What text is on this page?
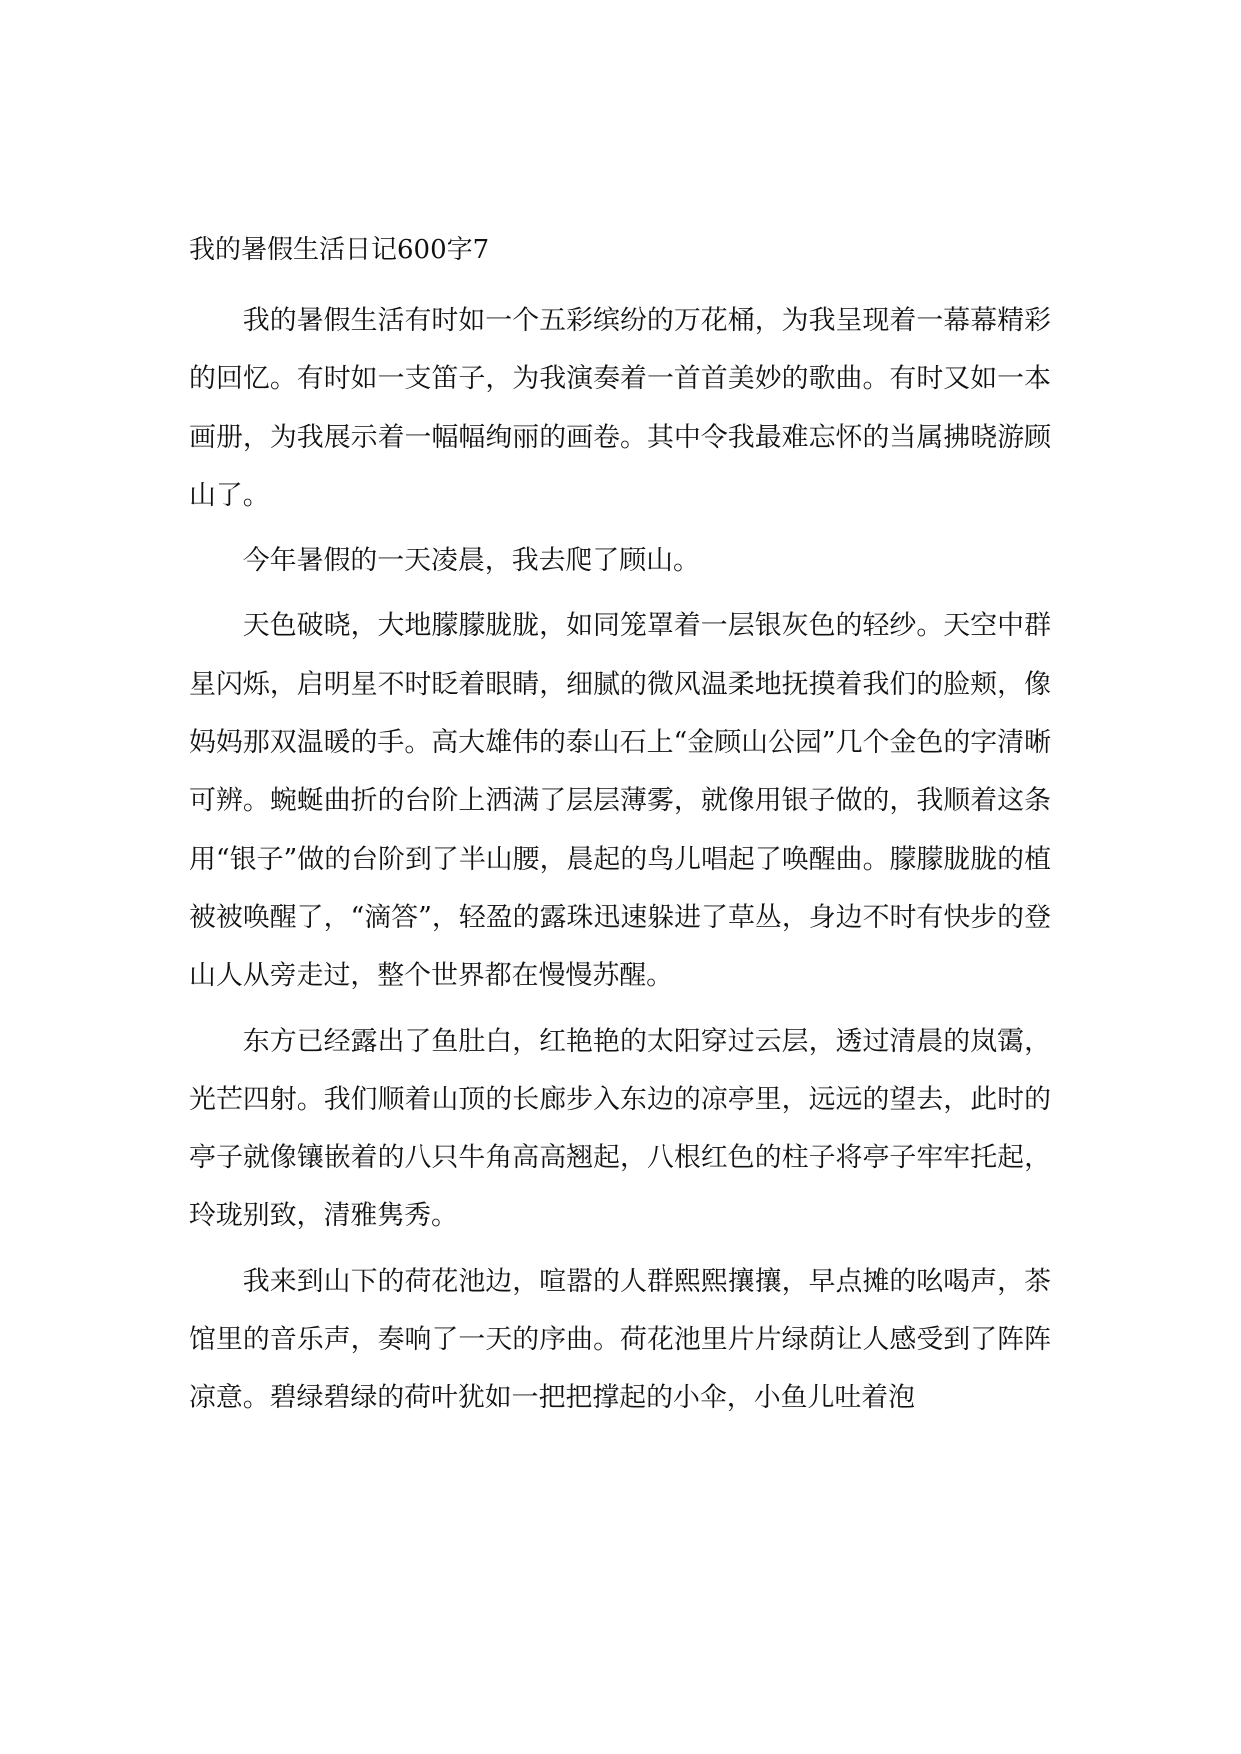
我的暑假生活日记600字7

我的暑假生活有时如一个五彩缤纷的万花桶，为我呈现着一幕幕精彩的回忆。有时如一支笛子，为我演奏着一首首美妙的歌曲。有时又如一本画册，为我展示着一幅幅绚丽的画卷。其中令我最难忘怀的当属拂晓游顾山了。

今年暑假的一天凌晨，我去爬了顾山。

天色破晓，大地朦朦胧胧，如同笼罩着一层银灰色的轻纱。天空中群星闪烁，启明星不时眨着眼睛，细腻的微风温柔地抚摸着我们的脸颊，像妈妈那双温暖的手。高大雄伟的泰山石上“金顾山公园”几个金色的字清晰可辨。蜿蜒曲折的台阶上洒满了层层薄雾，就像用银子做的，我顺着这条用“银子”做的台阶到了半山腰，晨起的鸟儿唱起了唤醒曲。朦朦胧胧的植被被唤醒了，“滴答”，轻盈的露珠迅速躲进了草丛，身边不时有快步的登山人从旁走过，整个世界都在慢慢苏醒。

东方已经露出了鱼肚白，红艳艳的太阳穿过云层，透过清晨的岚霭，光芒四射。我们顺着山顶的长廊步入东边的凉亭里，远远的望去，此时的亭子就像镶嵌着的八只牛角高高翘起，八根红色的柱子将亭子牢牢托起，玲珑别致，清雅隽秀。

我来到山下的荷花池边，喧嚣的人群熙熙攘攘，早点摊的吆喝声，茶馆里的音乐声，奏响了一天的序曲。荷花池里片片绿荫让人感受到了阵阵凉意。碧绿碧绿的荷叶犹如一把把撑起的小伞，小鱼儿吐着泡
